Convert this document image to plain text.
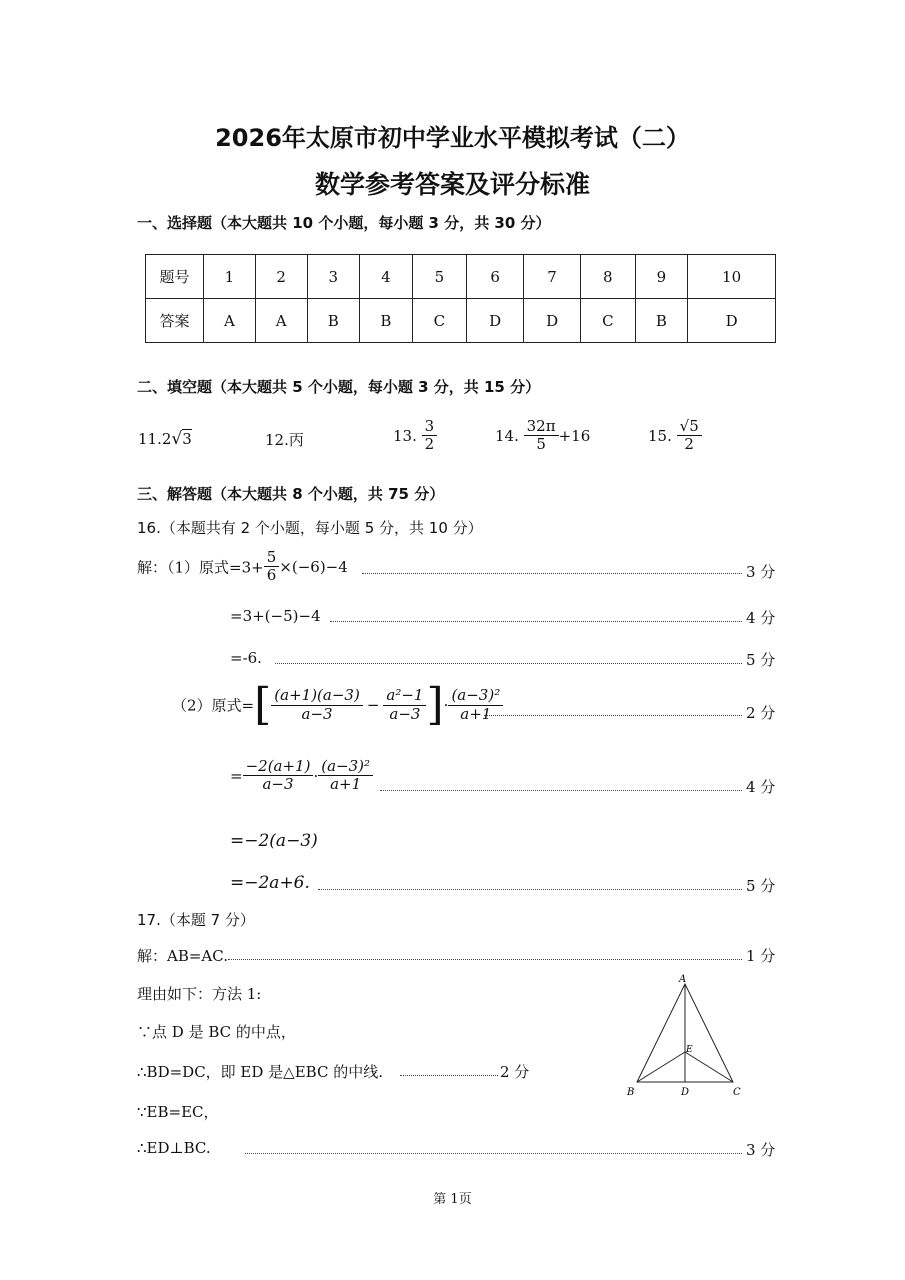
2026年太原市初中学业水平模拟考试（二）
数学参考答案及评分标准
一、选择题（本大题共 10 个小题，每小题 3 分，共 30 分）
题号	1	2	3	4	5	6	7	8	9	10
答案	A	A	B	B	C	D	D	C	B	D
二、填空题（本大题共 5 个小题，每小题 3 分，共 15 分）
11.2√3	12.丙	13. $\frac{3}{2}$	14. $\frac{32\pi}{5} +16$	15. $\frac{√5}{2}$
三、解答题（本大题共 8 个小题，共 75 分）
16.（本题共有 2 个小题，每小题 5 分，共 10 分）
解：（1）原式$=3+ \frac{5}{6} \times(-6)-4$	3 分
=3+(−5)−4	4 分
=-6.	5 分
（2）原式=[ $\frac{(a+1)(a-3)}{a-3} - \frac{\text{a²−1}}{a-3}$ ]· $\frac{\text{(a−3)²}}{a+1}$	2 分
= $\frac{-2(a+1)}{a-3} \cdot \frac{\text{(a−3)²}}{a+1}$	4 分
=−2(a−3)
=−2a+6.	5 分
17.（本题 7 分）
解：AB=AC.	1 分
理由如下：方法 1:
∵点 D 是 BC 的中点，
∴BD=DC，即 ED 是△EBC 的中线.	2 分
∵EB=EC，
∴ED⊥BC.	3 分
A
B	C
D
E
第 1页
